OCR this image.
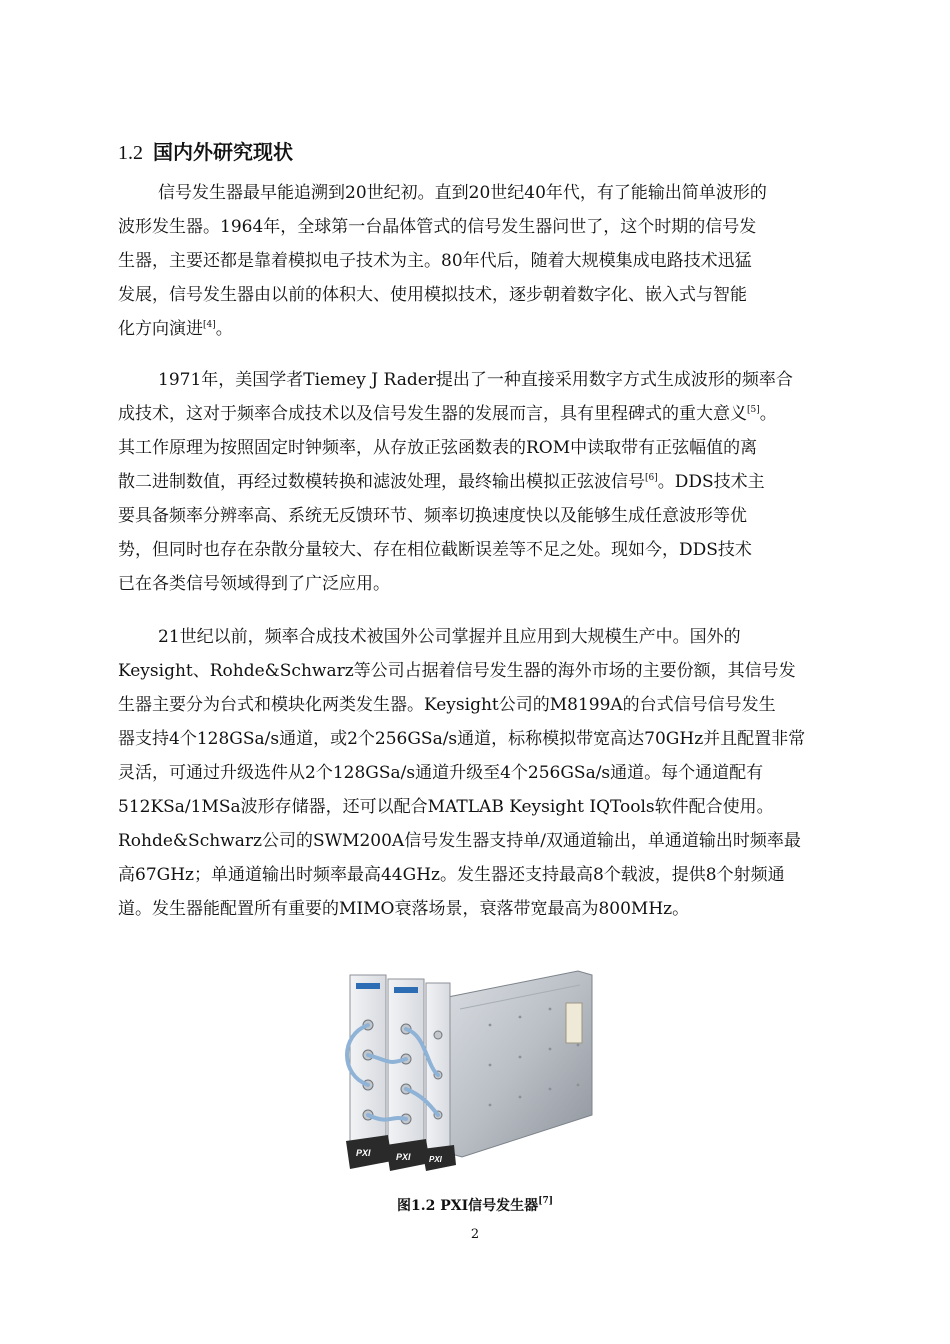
1.2 国内外研究现状
信号发生器最早能追溯到20世纪初。直到20世纪40年代，有了能输出简单波形的
波形发生器。1964年，全球第一台晶体管式的信号发生器问世了，这个时期的信号发
生器，主要还都是靠着模拟电子技术为主。80年代后，随着大规模集成电路技术迅猛
发展，信号发生器由以前的体积大、使用模拟技术，逐步朝着数字化、嵌入式与智能
化方向演进[4]。
1971年，美国学者Tiemey J Rader提出了一种直接采用数字方式生成波形的频率合
成技术，这对于频率合成技术以及信号发生器的发展而言，具有里程碑式的重大意义[5]。
其工作原理为按照固定时钟频率，从存放正弦函数表的ROM中读取带有正弦幅值的离
散二进制数值，再经过数模转换和滤波处理，最终输出模拟正弦波信号[6]。DDS技术主
要具备频率分辨率高、系统无反馈环节、频率切换速度快以及能够生成任意波形等优
势，但同时也存在杂散分量较大、存在相位截断误差等不足之处。现如今，DDS技术
已在各类信号领域得到了广泛应用。
21世纪以前，频率合成技术被国外公司掌握并且应用到大规模生产中。国外的
Keysight、Rohde&Schwarz等公司占据着信号发生器的海外市场的主要份额，其信号发
生器主要分为台式和模块化两类发生器。Keysight公司的M8199A的台式信号信号发生
器支持4个128GSa/s通道，或2个256GSa/s通道，标称模拟带宽高达70GHz并且配置非常
灵活，可通过升级选件从2个128GSa/s通道升级至4个256GSa/s通道。每个通道配有
512KSa/1MSa波形存储器，还可以配合MATLAB Keysight IQTools软件配合使用。
Rohde&Schwarz公司的SWM200A信号发生器支持单/双通道输出，单通道输出时频率最
高67GHz；单通道输出时频率最高44GHz。发生器还支持最高8个载波，提供8个射频通
道。发生器能配置所有重要的MIMO衰落场景，衰落带宽最高为800MHz。
PXI	PXI PXI
图1.2 PXI信号发生器[7]
2
